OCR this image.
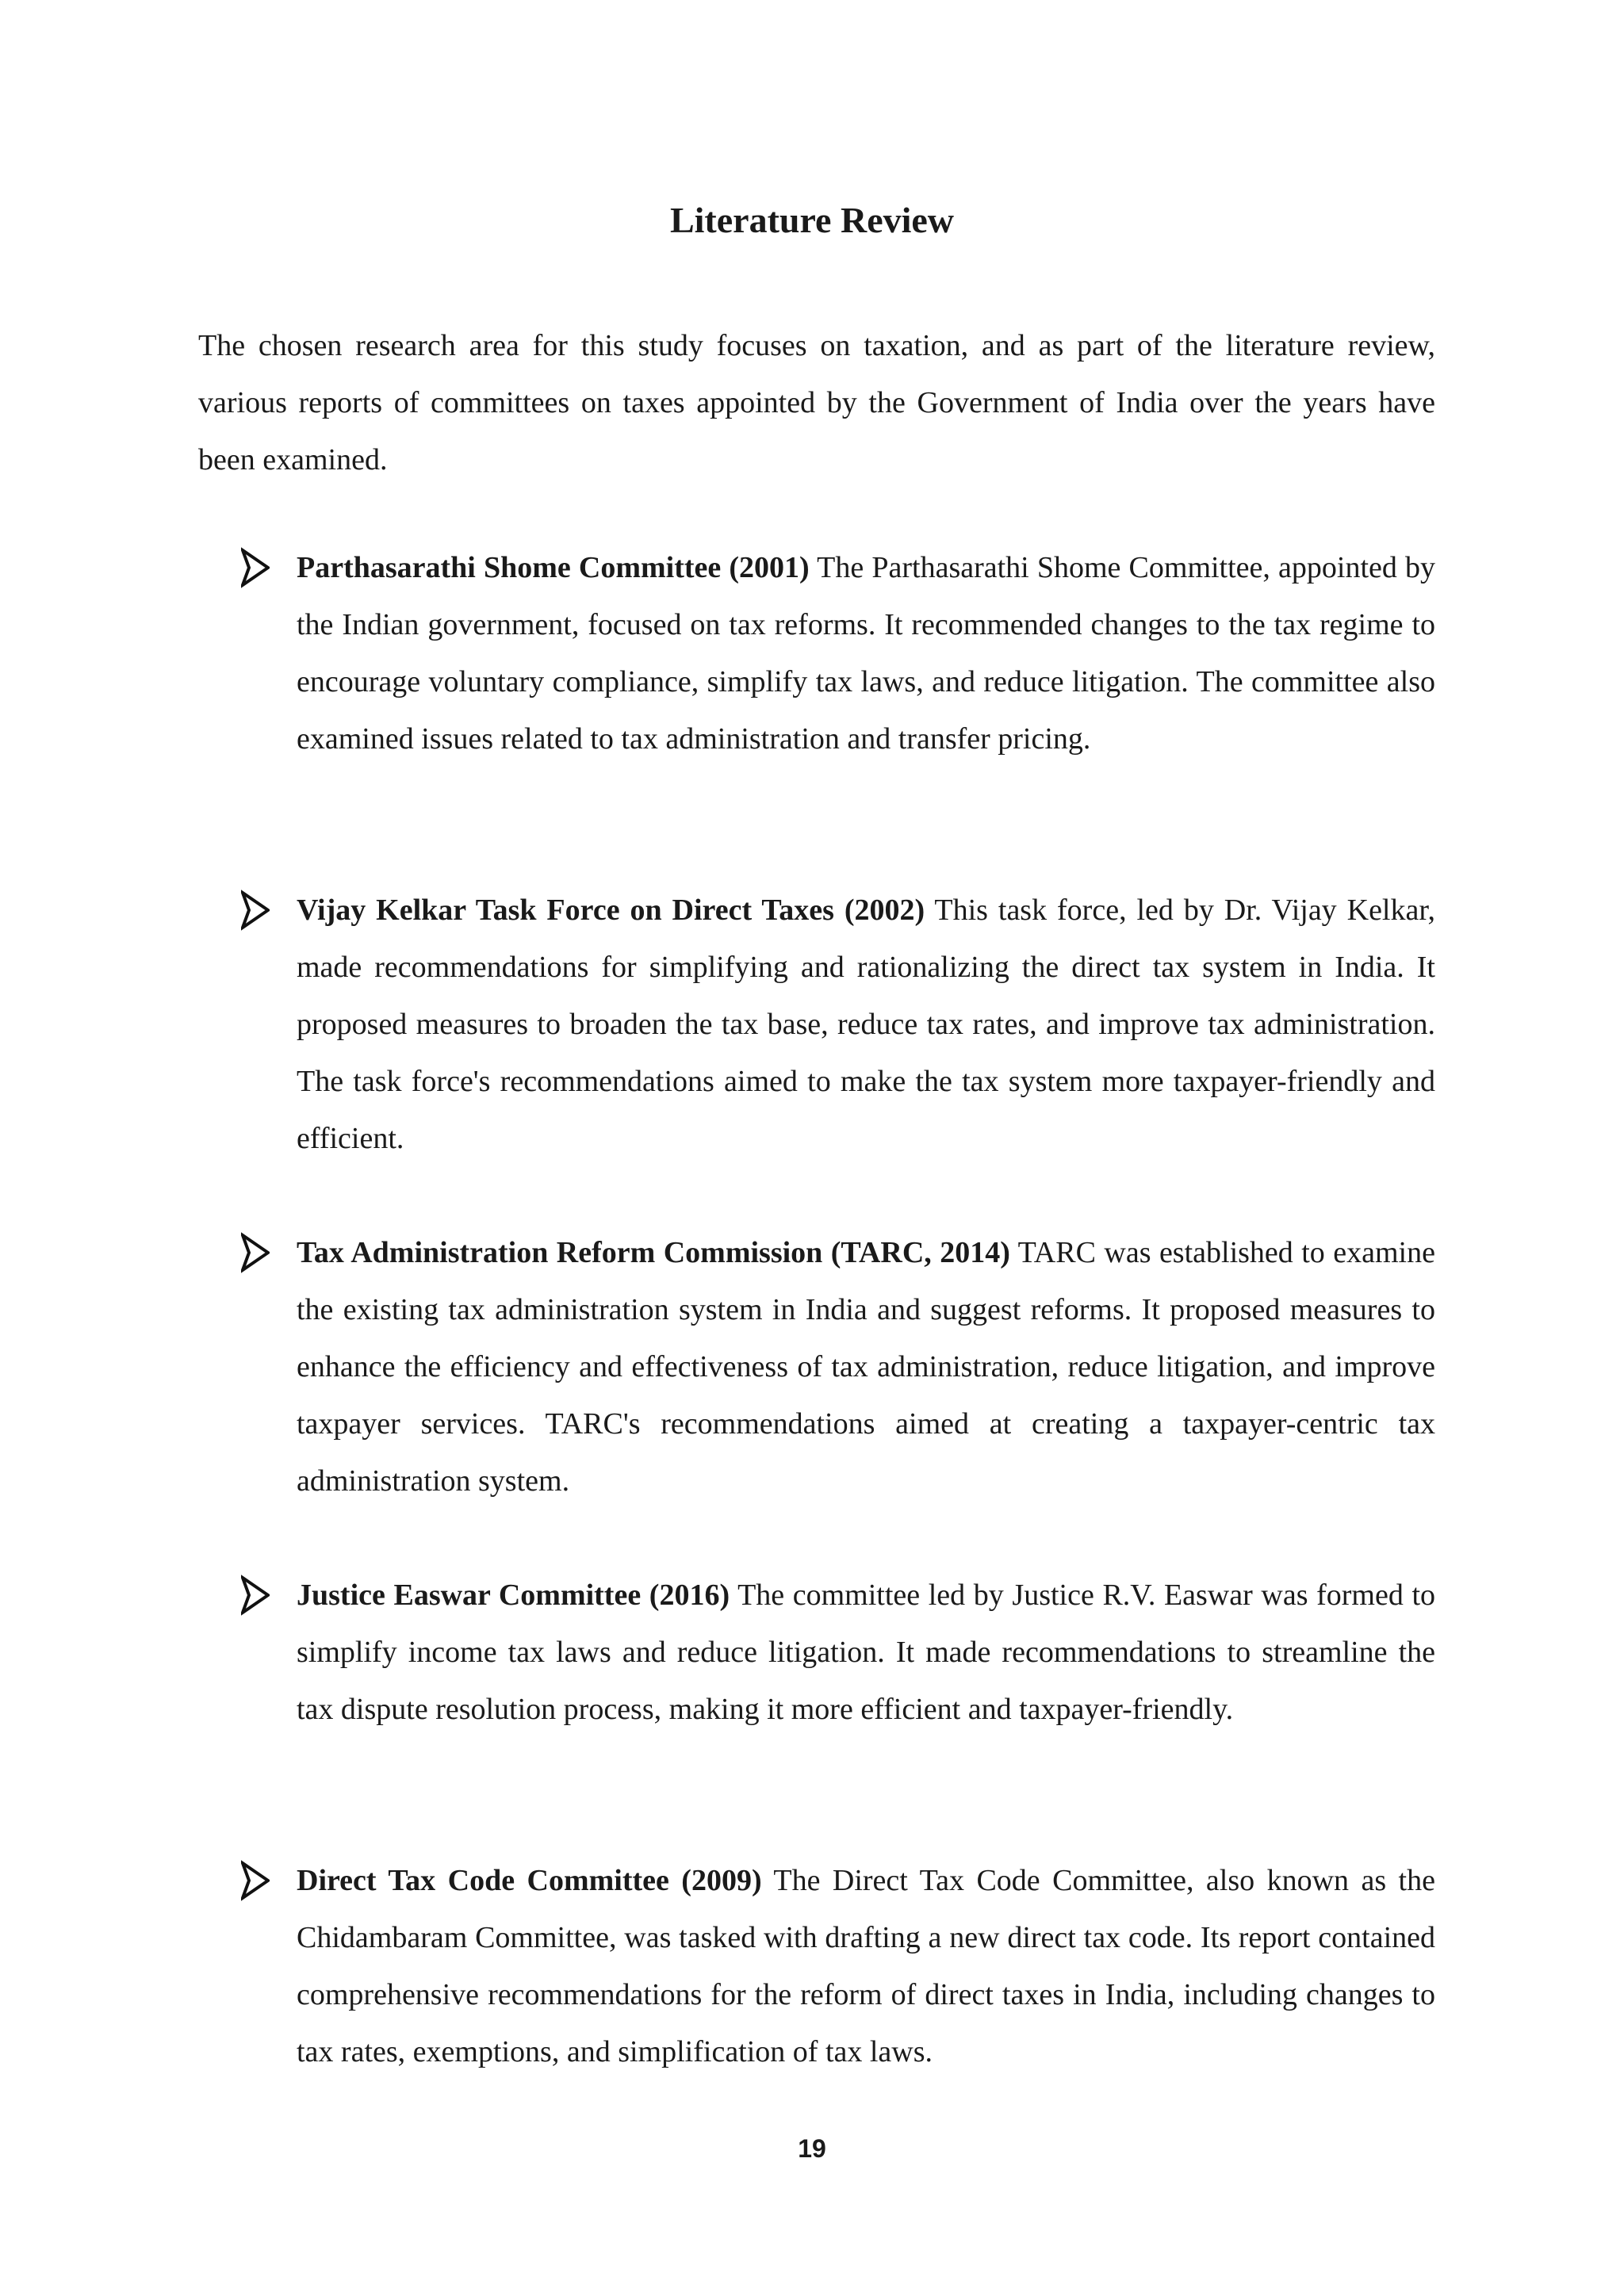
Literature Review

The chosen research area for this study focuses on taxation, and as part of the literature review, various reports of committees on taxes appointed by the Government of India over the years have been examined.

Parthasarathi Shome Committee (2001) The Parthasarathi Shome Committee, appointed by the Indian government, focused on tax reforms. It recommended changes to the tax regime to encourage voluntary compliance, simplify tax laws, and reduce litigation. The committee also examined issues related to tax administration and transfer pricing.

Vijay Kelkar Task Force on Direct Taxes (2002) This task force, led by Dr. Vijay Kelkar, made recommendations for simplifying and rationalizing the direct tax system in India. It proposed measures to broaden the tax base, reduce tax rates, and improve tax administration. The task force's recommendations aimed to make the tax system more taxpayer-friendly and efficient.

Tax Administration Reform Commission (TARC, 2014) TARC was established to examine the existing tax administration system in India and suggest reforms. It proposed measures to enhance the efficiency and effectiveness of tax administration, reduce litigation, and improve taxpayer services. TARC's recommendations aimed at creating a taxpayer-centric tax administration system.

Justice Easwar Committee (2016) The committee led by Justice R.V. Easwar was formed to simplify income tax laws and reduce litigation. It made recommendations to streamline the tax dispute resolution process, making it more efficient and taxpayer-friendly.

Direct Tax Code Committee (2009) The Direct Tax Code Committee, also known as the Chidambaram Committee, was tasked with drafting a new direct tax code. Its report contained comprehensive recommendations for the reform of direct taxes in India, including changes to tax rates, exemptions, and simplification of tax laws.

19
